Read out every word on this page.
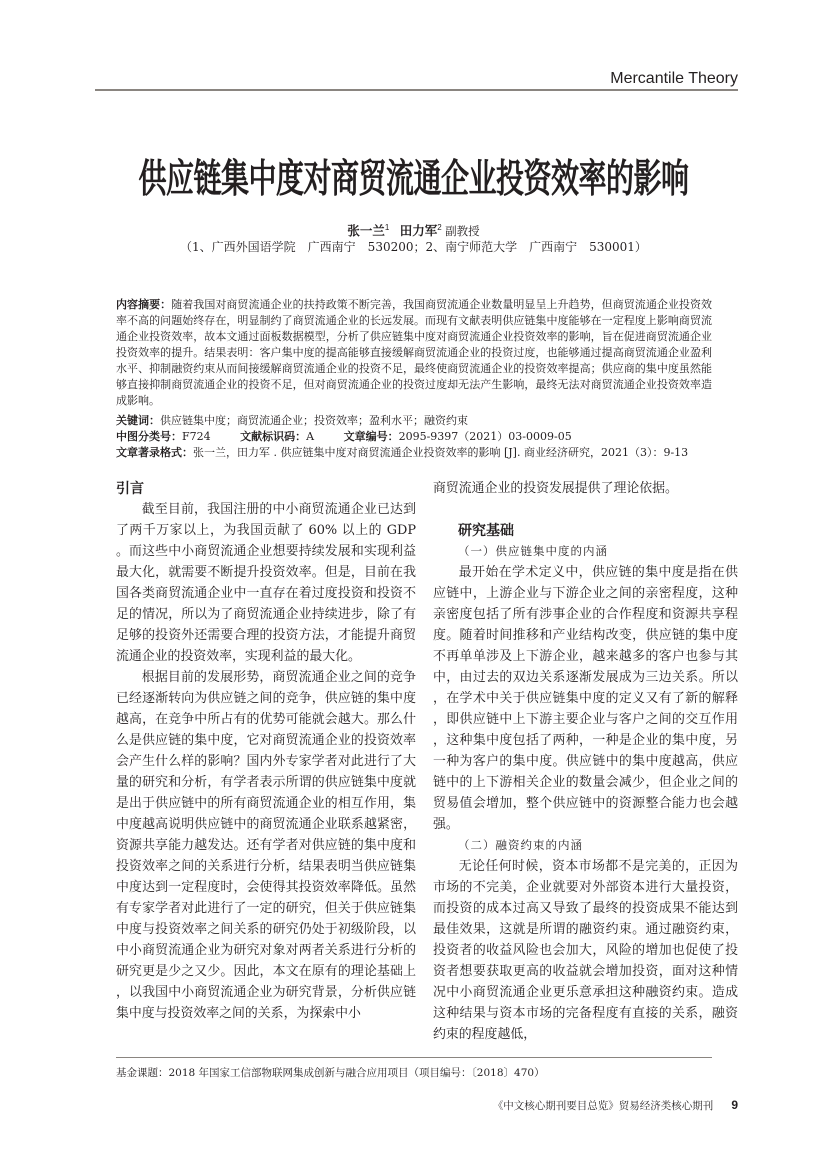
Mercantile Theory
供应链集中度对商贸流通企业投资效率的影响
张一兰$^1$ 田力军$^2$ 副教授
（1、广西外国语学院　广西南宁　530200；2、南宁师范大学　广西南宁　530001）
内容摘要：随着我国对商贸流通企业的扶持政策不断完善，我国商贸流通企业数量明显呈上升趋势，但商贸流通企业投资效率不高的问题始终存在，明显制约了商贸流通企业的长远发展。而现有文献表明供应链集中度能够在一定程度上影响商贸流通企业投资效率，故本文通过面板数据模型，分析了供应链集中度对商贸流通企业投资效率的影响，旨在促进商贸流通企业投资效率的提升。结果表明：客户集中度的提高能够直接缓解商贸流通企业的投资过度，也能够通过提高商贸流通企业盈利水平、抑制融资约束从而间接缓解商贸流通企业的投资不足，最终使商贸流通企业的投资效率提高；供应商的集中度虽然能够直接抑制商贸流通企业的投资不足，但对商贸流通企业的投资过度却无法产生影响，最终无法对商贸流通企业投资效率造成影响。
关键词：供应链集中度；商贸流通企业；投资效率；盈利水平；融资约束
中图分类号：F724	文献标识码：A	文章编号：2095-9397（2021）03-0009-05
文章著录格式：张一兰，田力军 . 供应链集中度对商贸流通企业投资效率的影响 [J]. 商业经济研究，2021（3）：9-13
引言

截至目前，我国注册的中小商贸流通企业已达到了两千万家以上，为我国贡献了 60% 以上的 GDP。而这些中小商贸流通企业想要持续发展和实现利益最大化，就需要不断提升投资效率。但是，目前在我国各类商贸流通企业中一直存在着过度投资和投资不足的情况，所以为了商贸流通企业持续进步，除了有足够的投资外还需要合理的投资方法，才能提升商贸流通企业的投资效率，实现利益的最大化。

根据目前的发展形势，商贸流通企业之间的竞争已经逐渐转向为供应链之间的竞争，供应链的集中度越高，在竞争中所占有的优势可能就会越大。那么什么是供应链的集中度，它对商贸流通企业的投资效率会产生什么样的影响？国内外专家学者对此进行了大量的研究和分析，有学者表示所谓的供应链集中度就是出于供应链中的所有商贸流通企业的相互作用，集中度越高说明供应链中的商贸流通企业联系越紧密，资源共享能力越发达。还有学者对供应链的集中度和投资效率之间的关系进行分析，结果表明当供应链集中度达到一定程度时，会使得其投资效率降低。虽然有专家学者对此进行了一定的研究，但关于供应链集中度与投资效率之间关系的研究仍处于初级阶段，以中小商贸流通企业为研究对象对两者关系进行分析的研究更是少之又少。因此，本文在原有的理论基础上，以我国中小商贸流通企业为研究背景，分析供应链集中度与投资效率之间的关系，为探索中小

商贸流通企业的投资发展提供了理论依据。

研究基础
（一）供应链集中度的内涵

最开始在学术定义中，供应链的集中度是指在供应链中，上游企业与下游企业之间的亲密程度，这种亲密度包括了所有涉事企业的合作程度和资源共享程度。随着时间推移和产业结构改变，供应链的集中度不再单单涉及上下游企业，越来越多的客户也参与其中，由过去的双边关系逐渐发展成为三边关系。所以，在学术中关于供应链集中度的定义又有了新的解释，即供应链中上下游主要企业与客户之间的交互作用，这种集中度包括了两种，一种是企业的集中度，另一种为客户的集中度。供应链中的集中度越高，供应链中的上下游相关企业的数量会减少，但企业之间的贸易值会增加，整个供应链中的资源整合能力也会越强。

（二）融资约束的内涵

无论任何时候，资本市场都不是完美的，正因为市场的不完美，企业就要对外部资本进行大量投资，而投资的成本过高又导致了最终的投资成果不能达到最佳效果，这就是所谓的融资约束。通过融资约束，投资者的收益风险也会加大，风险的增加也促使了投资者想要获取更高的收益就会增加投资，面对这种情况中小商贸流通企业更乐意承担这种融资约束。造成这种结果与资本市场的完备程度有直接的关系，融资约束的程度越低，

基金课题：2018 年国家工信部物联网集成创新与融合应用项目（项目编号：〔2018〕470）
《中文核心期刊要目总览》贸易经济类核心期刊 9
